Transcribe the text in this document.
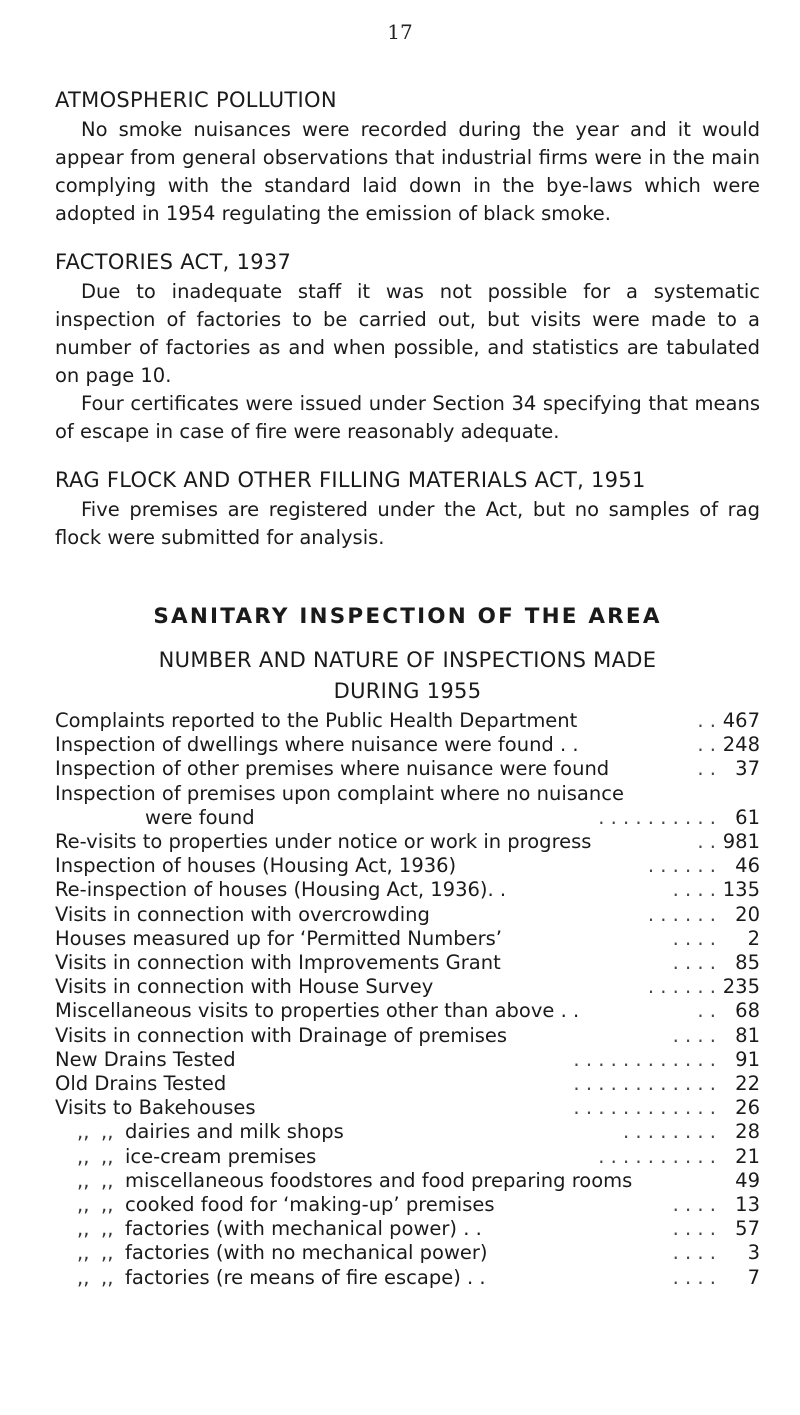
17
ATMOSPHERIC POLLUTION

No smoke nuisances were recorded during the year and it would appear from general observations that industrial firms were in the main complying with the standard laid down in the bye-laws which were adopted in 1954 regulating the emission of black smoke.

FACTORIES ACT, 1937

Due to inadequate staff it was not possible for a systematic inspection of factories to be carried out, but visits were made to a number of factories as and when possible, and statistics are tabulated on page 10.

Four certificates were issued under Section 34 specifying that means of escape in case of fire were reasonably adequate.

RAG FLOCK AND OTHER FILLING MATERIALS ACT, 1951

Five premises are registered under the Act, but no samples of rag flock were submitted for analysis.

SANITARY INSPECTION OF THE AREA
NUMBER AND NATURE OF INSPECTIONS MADE
DURING 1955
Complaints reported to the Public Health Department	. . 467
Inspection of dwellings where nuisance were found . .	. . 248
Inspection of other premises where nuisance were found	. . 37
Inspection of premises upon complaint where no nuisance
were found	. . . . . . . . . . 61
Re-visits to properties under notice or work in progress	. . 981
Inspection of houses (Housing Act, 1936)	. . . . . . 46
Re-inspection of houses (Housing Act, 1936). .	. . . . 135
Visits in connection with overcrowding	. . . . . . 20
Houses measured up for ‘Permitted Numbers’	. . . .	2
Visits in connection with Improvements Grant	. . . . 85
Visits in connection with House Survey	. . . . . . 235
Miscellaneous visits to properties other than above . .	. . 68
Visits in connection with Drainage of premises	. . . . 81
New Drains Tested	. . . . . . . . . . . . 91
Old Drains Tested	. . . . . . . . . . . . 22
Visits to Bakehouses	. . . . . . . . . . . . 26
,, ,, dairies and milk shops	. . . . . . . . 28
,, ,, ice-cream premises	. . . . . . . . . . 21
,, ,, miscellaneous foodstores and food preparing rooms	49
,, ,, cooked food for ‘making-up’ premises	. . . . 13
,, ,, factories (with mechanical power) . .	. . . . 57
,, ,, factories (with no mechanical power)	. . . .	3
,, ,, factories (re means of fire escape) . .	. . . .	7
